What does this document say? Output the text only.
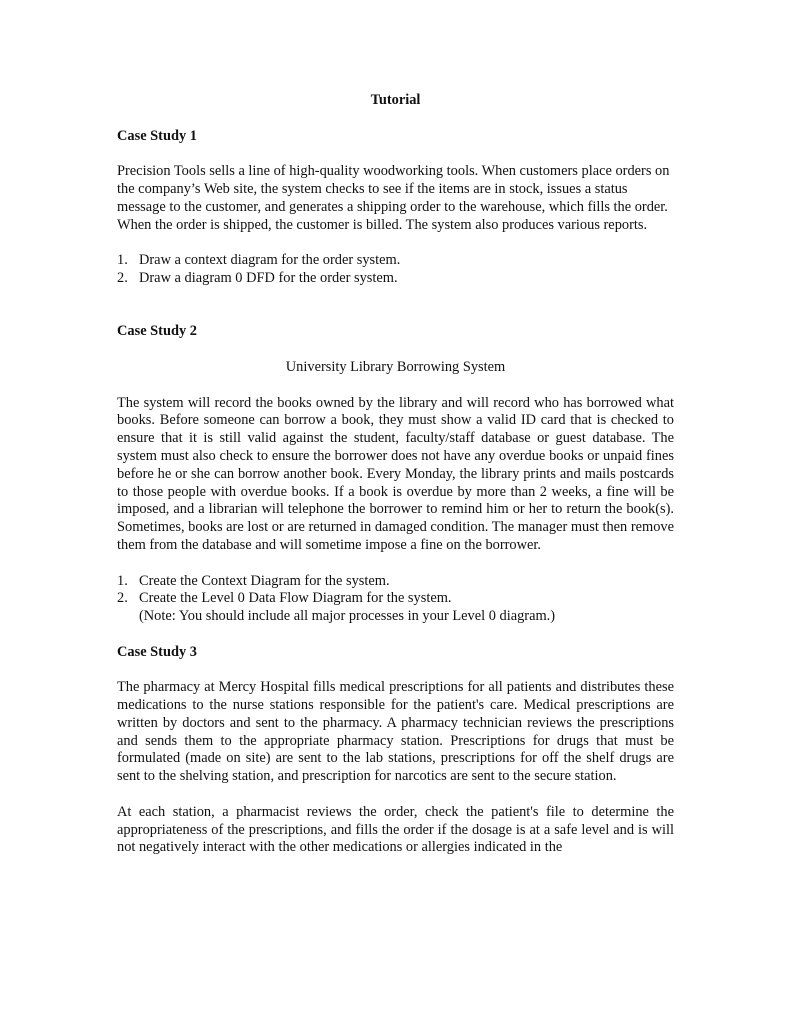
Tutorial

Case Study 1

Precision Tools sells a line of high-quality woodworking tools. When customers place orders on the company’s Web site, the system checks to see if the items are in stock, issues a status message to the customer, and generates a shipping order to the warehouse, which fills the order. When the order is shipped, the customer is billed. The system also produces various reports.

1. Draw a context diagram for the order system.
2. Draw a diagram 0 DFD for the order system.

Case Study 2

University Library Borrowing System

The system will record the books owned by the library and will record who has borrowed what books. Before someone can borrow a book, they must show a valid ID card that is checked to ensure that it is still valid against the student, faculty/staff database or guest database. The system must also check to ensure the borrower does not have any overdue books or unpaid fines before he or she can borrow another book. Every Monday, the library prints and mails postcards to those people with overdue books. If a book is overdue by more than 2 weeks, a fine will be imposed, and a librarian will telephone the borrower to remind him or her to return the book(s). Sometimes, books are lost or are returned in damaged condition. The manager must then remove them from the database and will sometime impose a fine on the borrower.

1. Create the Context Diagram for the system.
2. Create the Level 0 Data Flow Diagram for the system.

(Note: You should include all major processes in your Level 0 diagram.)

Case Study 3

The pharmacy at Mercy Hospital fills medical prescriptions for all patients and distributes these medications to the nurse stations responsible for the patient's care. Medical prescriptions are written by doctors and sent to the pharmacy. A pharmacy technician reviews the prescriptions and sends them to the appropriate pharmacy station. Prescriptions for drugs that must be formulated (made on site) are sent to the lab stations, prescriptions for off the shelf drugs are sent to the shelving station, and prescription for narcotics are sent to the secure station.

At each station, a pharmacist reviews the order, check the patient's file to determine the appropriateness of the prescriptions, and fills the order if the dosage is at a safe level and is will not negatively interact with the other medications or allergies indicated in the
